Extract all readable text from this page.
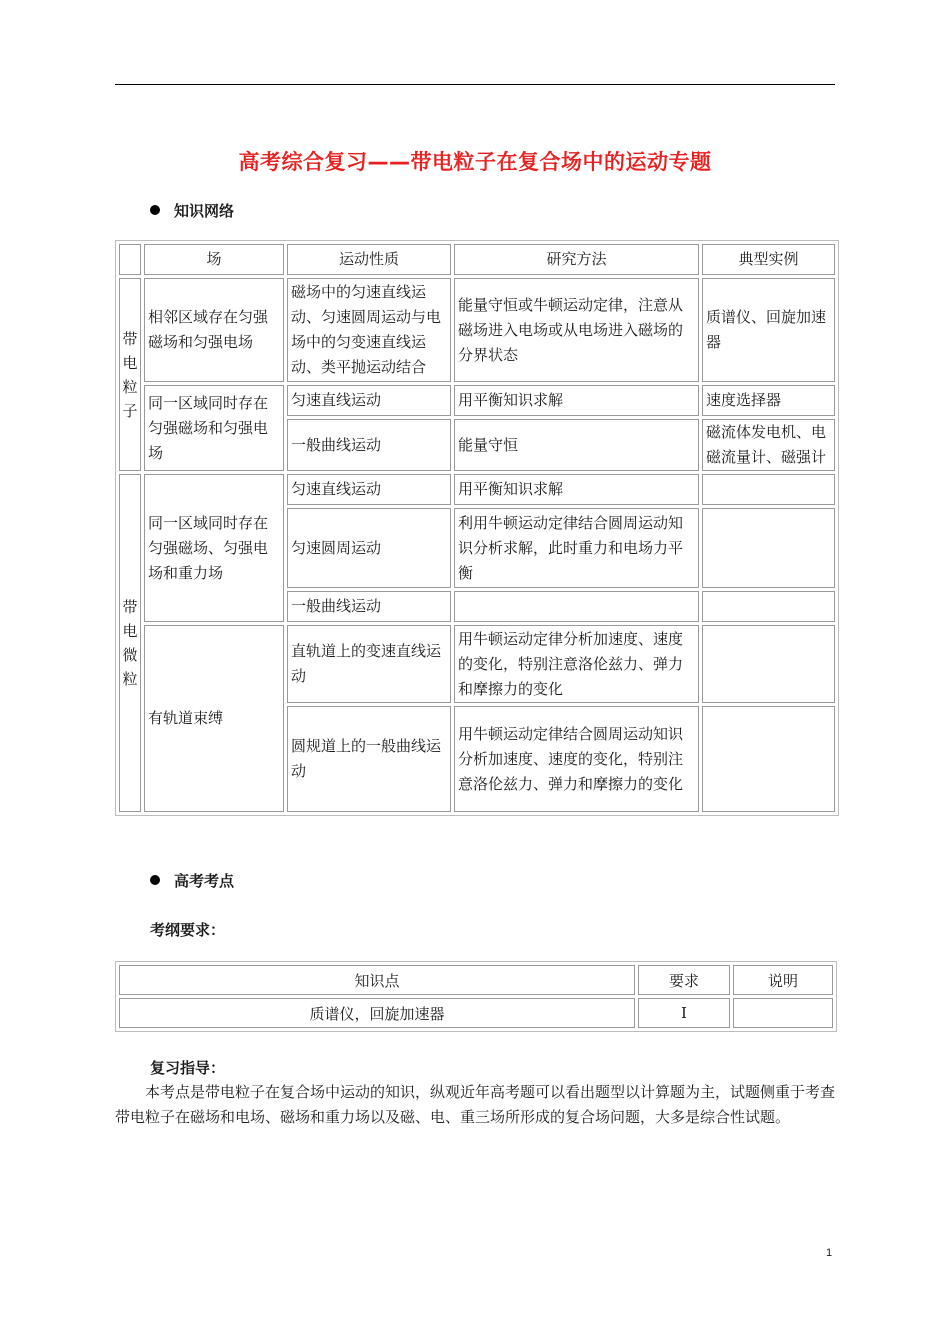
高考综合复习——带电粒子在复合场中的运动专题
知识网络
	场	运动性质	研究方法	典型实例
带电粒子	相邻区域存在匀强磁场和匀强电场	磁场中的匀速直线运动、匀速圆周运动与电场中的匀变速直线运动、类平抛运动结合	能量守恒或牛顿运动定律，注意从磁场进入电场或从电场进入磁场的分界状态	质谱仪、回旋加速器
	同一区域同时存在匀强磁场和匀强电场	匀速直线运动	用平衡知识求解	速度选择器
		一般曲线运动	能量守恒	磁流体发电机、电磁流量计、磁强计
带电微粒	同一区域同时存在匀强磁场、匀强电场和重力场	匀速直线运动	用平衡知识求解	
		匀速圆周运动	利用牛顿运动定律结合圆周运动知识分析求解，此时重力和电场力平衡	
		一般曲线运动		
	有轨道束缚	直轨道上的变速直线运动	用牛顿运动定律分析加速度、速度的变化，特别注意洛伦兹力、弹力和摩擦力的变化	
		圆规道上的一般曲线运动	用牛顿运动定律结合圆周运动知识分析加速度、速度的变化，特别注意洛伦兹力、弹力和摩擦力的变化	
高考考点
考纲要求：
知识点	要求	说明
质谱仪，回旋加速器	Ⅰ	
复习指导：
本考点是带电粒子在复合场中运动的知识，纵观近年高考题可以看出题型以计算题为主，试题侧重于考查带电粒子在磁场和电场、磁场和重力场以及磁、电、重三场所形成的复合场问题，大多是综合性试题。
1
